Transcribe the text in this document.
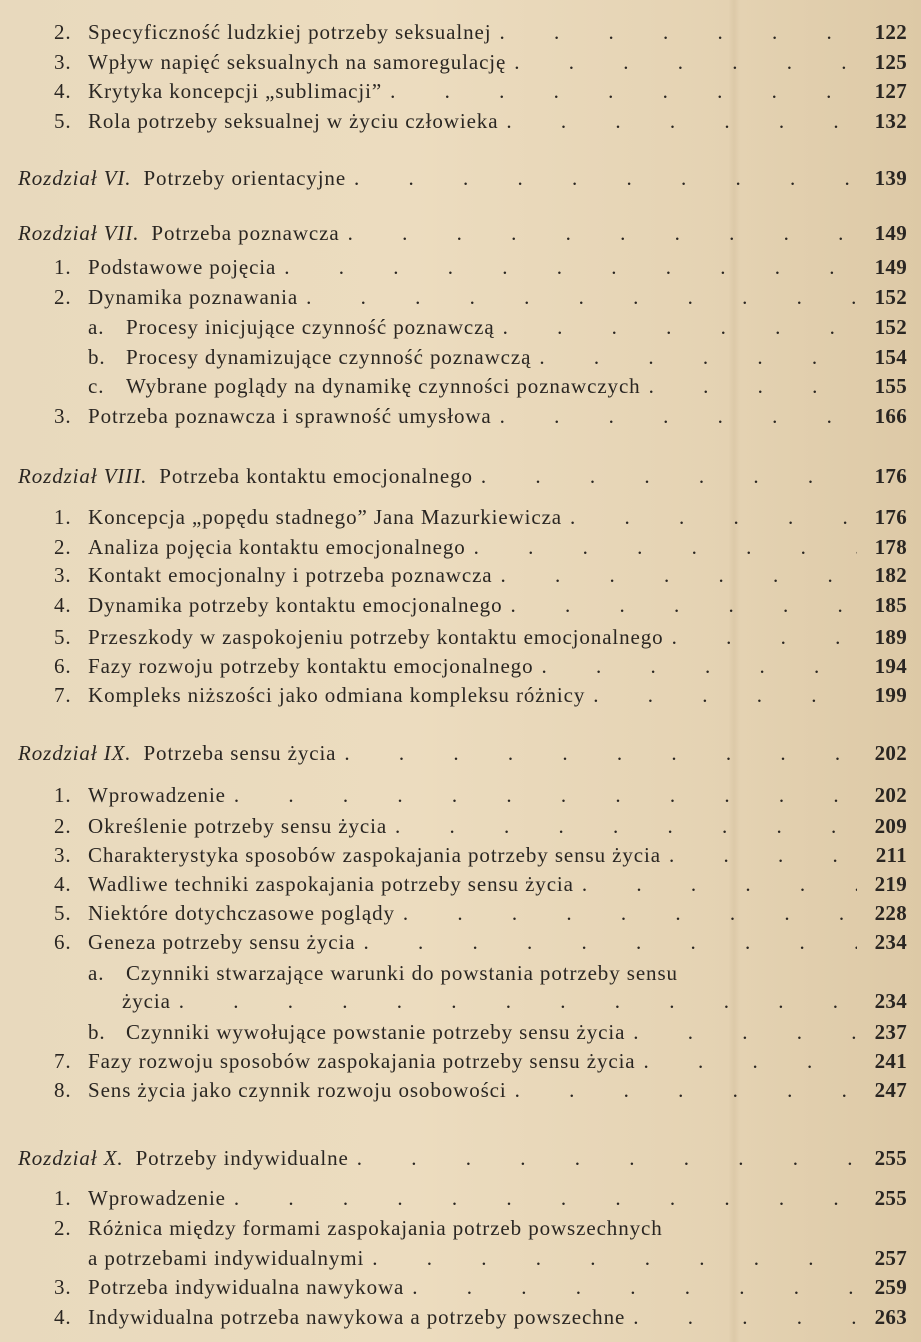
2. Specyficzność ludzkiej potrzeby seksualnej . . .	122
3. Wpływ napięć seksualnych na samoregulację . . .	125
4. Krytyka koncepcji „sublimacji” . . .	127
5. Rola potrzeby seksualnej w życiu człowieka . . .	132
Rozdział VI. Potrzeby orientacyjne . . .	139
Rozdział VII. Potrzeba poznawcza . . .	149
1. Podstawowe pojęcia . . .	149
2. Dynamika poznawania . . .	152
a. Procesy inicjujące czynność poznawczą . . .	152
b. Procesy dynamizujące czynność poznawczą . . .	154
c. Wybrane poglądy na dynamikę czynności poznawczych . . .	155
3. Potrzeba poznawcza i sprawność umysłowa . . .	166
Rozdział VIII. Potrzeba kontaktu emocjonalnego . . .	176
1. Koncepcja „popędu stadnego” Jana Mazurkiewicza . . .	176
2. Analiza pojęcia kontaktu emocjonalnego . . .	178
3. Kontakt emocjonalny i potrzeba poznawcza . . .	182
4. Dynamika potrzeby kontaktu emocjonalnego . . .	185
5. Przeszkody w zaspokojeniu potrzeby kontaktu emocjonalnego . . .	189
6. Fazy rozwoju potrzeby kontaktu emocjonalnego . . .	194
7. Kompleks niższości jako odmiana kompleksu różnicy . . .	199
Rozdział IX. Potrzeba sensu życia . . .	202
1. Wprowadzenie . . .	202
2. Określenie potrzeby sensu życia . . .	209
3. Charakterystyka sposobów zaspokajania potrzeby sensu życia . . .	211
4. Wadliwe techniki zaspokajania potrzeby sensu życia . . .	219
5. Niektóre dotychczasowe poglądy . . .	228
6. Geneza potrzeby sensu życia . . .	234
a. Czynniki stwarzające warunki do powstania potrzeby sensu
życia . . .	234
b. Czynniki wywołujące powstanie potrzeby sensu życia . . .	237
7. Fazy rozwoju sposobów zaspokajania potrzeby sensu życia . . .	241
8. Sens życia jako czynnik rozwoju osobowości . . .	247
Rozdział X. Potrzeby indywidualne . . .	255
1. Wprowadzenie . . .	255
2. Różnica między formami zaspokajania potrzeb powszechnych
a potrzebami indywidualnymi . . .	257
3. Potrzeba indywidualna nawykowa . . .	259
4. Indywidualna potrzeba nawykowa a potrzeby powszechne . . .	263
